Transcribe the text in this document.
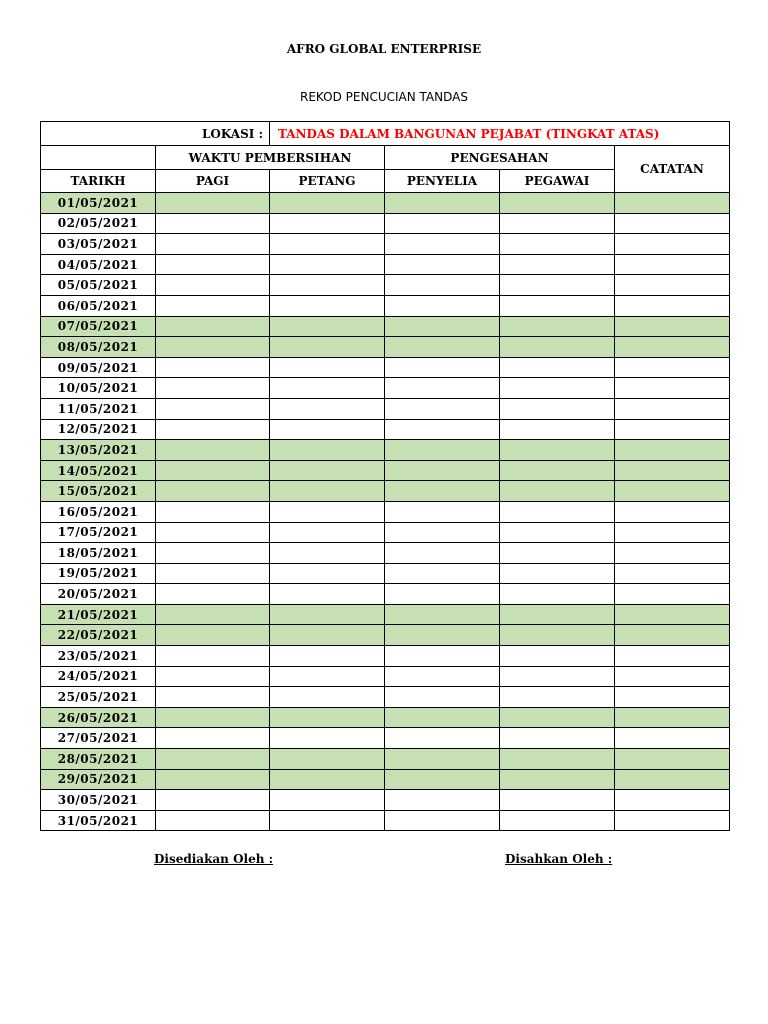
AFRO GLOBAL ENTERPRISE
REKOD PENCUCIAN TANDAS
LOKASI :		TANDAS DALAM BANGUNAN PEJABAT (TINGKAT ATAS)			
	WAKTU PEMBERSIHAN		PENGESAHAN		CATATAN
TARIKH	PAGI	PETANG	PENYELIA	PEGAWAI	
01/05/2021					
02/05/2021					
03/05/2021					
04/05/2021					
05/05/2021					
06/05/2021					
07/05/2021					
08/05/2021					
09/05/2021					
10/05/2021					
11/05/2021					
12/05/2021					
13/05/2021					
14/05/2021					
15/05/2021					
16/05/2021					
17/05/2021					
18/05/2021					
19/05/2021					
20/05/2021					
21/05/2021					
22/05/2021					
23/05/2021					
24/05/2021					
25/05/2021					
26/05/2021					
27/05/2021					
28/05/2021					
29/05/2021					
30/05/2021					
31/05/2021					
Disediakan Oleh :	Disahkan Oleh :
